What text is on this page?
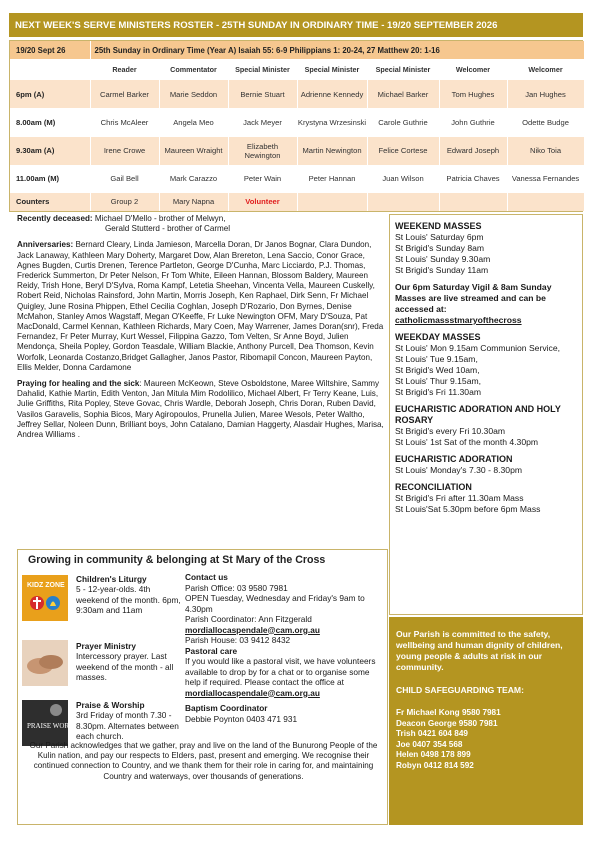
NEXT WEEK'S SERVE MINISTERS ROSTER - 25TH SUNDAY IN ORDINARY TIME - 19/20 SEPTEMBER 2026
19/20 Sept 26	25th Sunday in Ordinary Time (Year A) Isaiah 55: 6-9 Philippians 1: 20-24, 27 Matthew 20: 1-16						
	Reader	Commentator	Special Minister	Special Minister	Special Minister	Welcomer	Welcomer
6pm (A)	Carmel Barker	Marie Seddon	Bernie Stuart	Adrienne Kennedy	Michael Barker	Tom Hughes	Jan Hughes
8.00am (M)	Chris McAleer	Angela Meo	Jack Meyer	Krystyna Wrzesinski	Carole Guthrie	John Guthrie	Odette Budge
9.30am (A)	Irene Crowe	Maureen Wraight	Elizabeth Newington	Martin Newington	Felice Cortese	Edward Joseph	Niko Toia
11.00am (M)	Gail Bell	Mark Carazzo	Peter Wain	Peter Hannan	Juan Wilson	Patricia Chaves	Vanessa Fernandes
Counters	Group 2	Mary Napna	Volunteer				

Recently deceased: Michael D'Mello - brother of Melwyn,
Gerald Stutterd - brother of Carmel

Anniversaries: Bernard Cleary, Linda Jamieson, Marcella Doran, Dr Janos Bognar, Clara Dundon, Jack Lanaway, Kathleen Mary Doherty, Margaret Dow, Alan Brereton, Lena Saccio, Conor Grace, Agnes Bugden, Curtis Drenen, Terence Partleton, George D'Cunha, Marc Licciardo, P.J. Thomas, Frederick Summerton, Dr Peter Nelson, Fr Tom White, Eileen Hannan, Blossom Baldery, Maureen Reidy, Trish Hone, Beryl D'Sylva, Roma Kampf, Letetia Sheehan, Vincenta Vella, Maureen Cuskelly, Robert Reid, Nicholas Rainsford, John Martin, Morris Joseph, Ken Raphael, Dirk Senn, Fr Michael Quigley, June Rosina Phippen, Ethel Cecilia Coghlan, Joseph D'Rozario, Don Byrnes, Denise McMahon, Stanley Amos Wagstaff, Megan O'Keeffe, Fr Luke Newington OFM, Mary D'Souza, Pat MacDonald, Carmel Kennan, Kathleen Richards, Mary Coen, May Warrener, James Doran(snr), Freda Fernandez, Fr Peter Murray, Kurt Wessel, Filippina Gazzo, Tom Velten, Sr Anne Boyd, Julien Mendonça, Sheila Popley, Gordon Teasdale, William Blackie, Anthony Purcell, Dea Thomson, Kevin Worfolk, Leonarda Costanzo,Bridget Gallagher, Janos Pastor, Ribomapil Concon, Maureen Payton, Ellis Melder, Donna Cardamone

Praying for healing and the sick: Maureen McKeown, Steve Osboldstone, Maree Wiltshire, Sammy Dahalid, Kathie Martin, Edith Venton, Jan Mitula Mim Rodolilico, Michael Albert, Fr Terry Keane, Luis, Julie Griffiths, Rita Popley, Steve Govac, Chris Wardle, Deborah Joseph, Chris Doran, Ruben David, Vasilos Garavelis, Sophia Bicos, Mary Agiropoulos, Prunella Julien, Maree Wesols, Peter Waltho, Jeffrey Sellar, Noleen Dunn, Brilliant boys, John Catalano, Damian Haggerty, Alasdair Hughes, Marisa, Andrea Williams .

WEEKEND MASSES
St Louis' Saturday 6pm
St Brigid's Sunday 8am
St Louis' Sunday 9.30am
St Brigid's Sunday 11am
Our 6pm Saturday Vigil & 8am Sunday Masses are live streamed and can be accessed at:
catholicmassstmaryofthecross
WEEKDAY MASSES
St Louis' Mon 9.15am Communion Service,
St Louis' Tue 9.15am,
St Brigid's Wed 10am,
St Louis' Thur 9.15am,
St Brigid's Fri 11.30am
EUCHARISTIC ADORATION AND HOLY ROSARY
St Brigid's every Fri 10.30am
St Louis' 1st Sat of the month 4.30pm
EUCHARISTIC ADORATION
St Louis' Monday's 7.30 - 8.30pm
RECONCILIATION
St Brigid's Fri after 11.30am Mass
St Louis'Sat 5.30pm before 6pm Mass
Our Parish is committed to the safety, wellbeing and human dignity of children, young people & adults at risk in our community.
CHILD SAFEGUARDING TEAM:
Fr Michael Kong 9580 7981
Deacon George 9580 7981
Trish 0421 604 849
Joe 0407 354 568
Helen 0498 178 899
Robyn 0412 814 592
Growing in community & belonging at St Mary of the Cross
KIDZ ZONE
Children's Liturgy
5 - 12-year-olds. 4th weekend of the month. 6pm, 9:30am and 11am
Prayer Ministry
Intercessory prayer. Last weekend of the month - all masses.
PRAISE WORSHIP
Praise & Worship
3rd Friday of month 7.30 - 8.30pm. Alternates between each church.
Contact us
Parish Office: 03 9580 7981
OPEN Tuesday, Wednesday and Friday's 9am to 4.30pm
Parish Coordinator: Ann Fitzgerald
mordiallocaspendale@cam.org.au
Parish House: 03 9412 8432
Pastoral care
If you would like a pastoral visit, we have volunteers available to drop by for a chat or to organise some help if required. Please contact the office at
mordiallocaspendale@cam.org.au
Baptism Coordinator
Debbie Poynton 0403 471 931
Our Parish acknowledges that we gather, pray and live on the land of the Bunurong People of the Kulin nation, and pay our respects to Elders, past, present and emerging. We recognise their continued connection to Country, and we thank them for their role in caring for, and maintaining Country and waterways, over thousands of generations.
